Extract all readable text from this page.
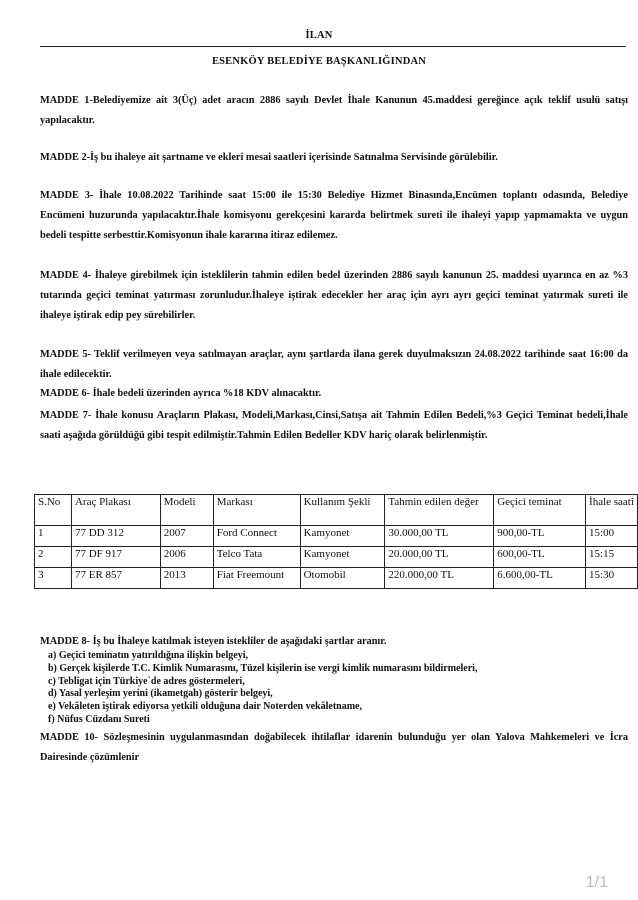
İLAN
ESENKÖY BELEDİYE BAŞKANLIĞINDAN
MADDE 1-Belediyemize ait 3(Üç) adet aracın 2886 sayılı Devlet İhale Kanunun 45.maddesi gereğince açık teklif usulü satışı yapılacaktır.
MADDE 2-İş bu ihaleye ait şartname ve ekleri mesai saatleri içerisinde Satınalma Servisinde görülebilir.
MADDE 3- İhale 10.08.2022 Tarihinde saat 15:00 ile 15:30 Belediye Hizmet Binasında,Encümen toplantı odasında, Belediye Encümeni huzurunda yapılacaktır.İhale komisyonu gerekçesini kararda belirtmek sureti ile ihaleyi yapıp yapmamakta ve uygun bedeli tespitte serbesttir.Komisyonun ihale kararına itiraz edilemez.
MADDE 4- İhaleye girebilmek için isteklilerin tahmin edilen bedel üzerinden 2886 sayılı kanunun 25. maddesi uyarınca en az %3 tutarında geçici teminat yatırması zorunludur.İhaleye iştirak edecekler her araç için ayrı ayrı geçici teminat yatırmak sureti ile ihaleye iştirak edip pey sürebilirler.
MADDE 5- Teklif verilmeyen veya satılmayan araçlar, aynı şartlarda ilana gerek duyulmaksızın 24.08.2022 tarihinde saat 16:00 da ihale edilecektir.
MADDE 6- İhale bedeli üzerinden ayrıca %18 KDV alınacaktır.
MADDE 7- İhale konusu Araçların Plakası, Modeli,Markası,Cinsi,Satışa ait Tahmin Edilen Bedeli,%3 Geçici Teminat bedeli,İhale saati aşağıda görüldüğü gibi tespit edilmiştir.Tahmin Edilen Bedeller KDV hariç olarak belirlenmiştir.
S.No	Araç Plakası	Modeli	Markası	Kullanım Şekli	Tahmin edilen değer	Geçici teminat	İhale saati
1	77 DD 312	2007	Ford Connect	Kamyonet	30.000,00 TL	900,00-TL	15:00
2	77 DF 917	2006	Telco Tata	Kamyonet	20.000,00 TL	600,00-TL	15:15
3	77 ER 857	2013	Fiat Freemount	Otomobil	220.000,00 TL	6.600,00-TL	15:30
MADDE 8- İş bu İhaleye katılmak isteyen istekliler de aşağıdaki şartlar aranır.
a) Geçici teminatın yatırıldığına ilişkin belgeyi,
b) Gerçek kişilerde T.C. Kimlik Numarasını, Tüzel kişilerin ise vergi kimlik numarasını bildirmeleri,
c) Tebligat için Türkiye`de adres göstermeleri,
d) Yasal yerleşim yerini (ikametgah) gösterir belgeyi,
e) Vekâleten iştirak ediyorsa yetkili olduğuna dair Noterden vekâletname,
f) Nüfus Cüzdanı Sureti
MADDE 10- Sözleşmesinin uygulanmasından doğabilecek ihtilaflar idarenin bulunduğu yer olan Yalova Mahkemeleri ve İcra Dairesinde çözümlenir
1/1
